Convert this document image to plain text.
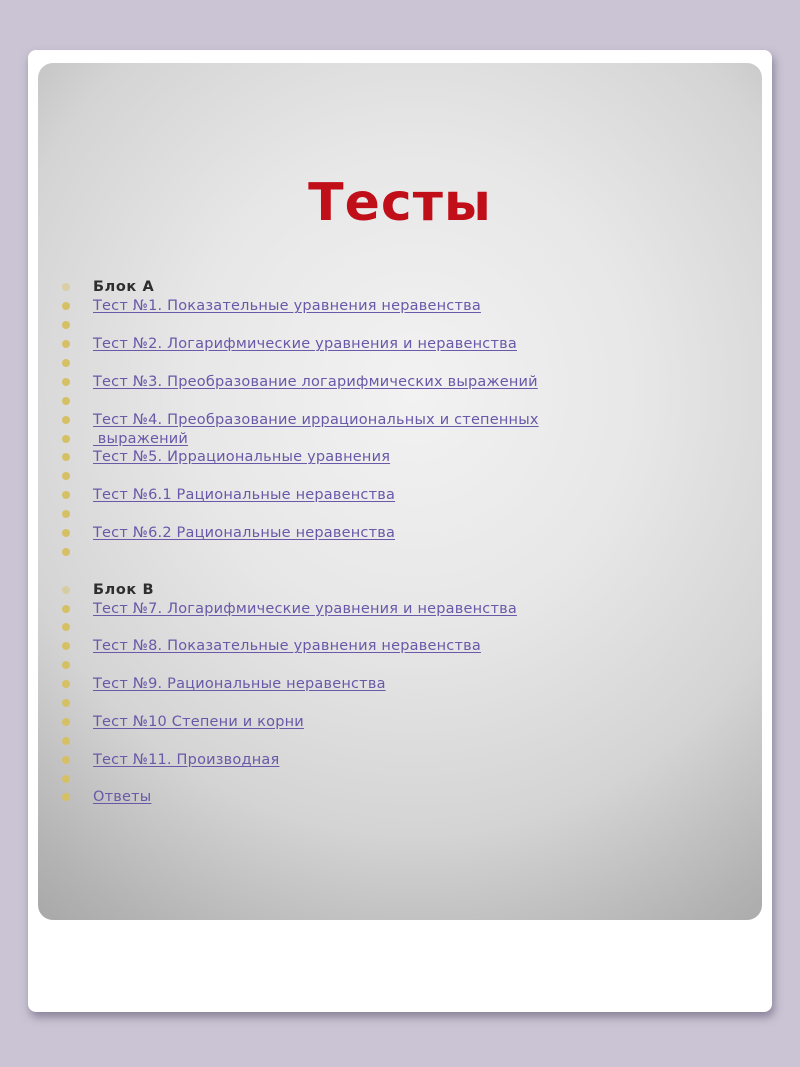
Тесты
Блок А
Тест №1. Показательные уравнения неравенства
Тест №2. Логарифмические уравнения и неравенства
Тест №3. Преобразование логарифмических выражений
Тест №4. Преобразование иррациональных и степенных
выражений
Тест №5. Иррациональные уравнения
Тест №6.1 Рациональные неравенства
Тест №6.2 Рациональные неравенства
Блок В
Тест №7. Логарифмические уравнения и неравенства
Тест №8. Показательные уравнения неравенства
Тест №9. Рациональные неравенства
Тест №10 Степени и корни
Тест №11. Производная
Ответы
